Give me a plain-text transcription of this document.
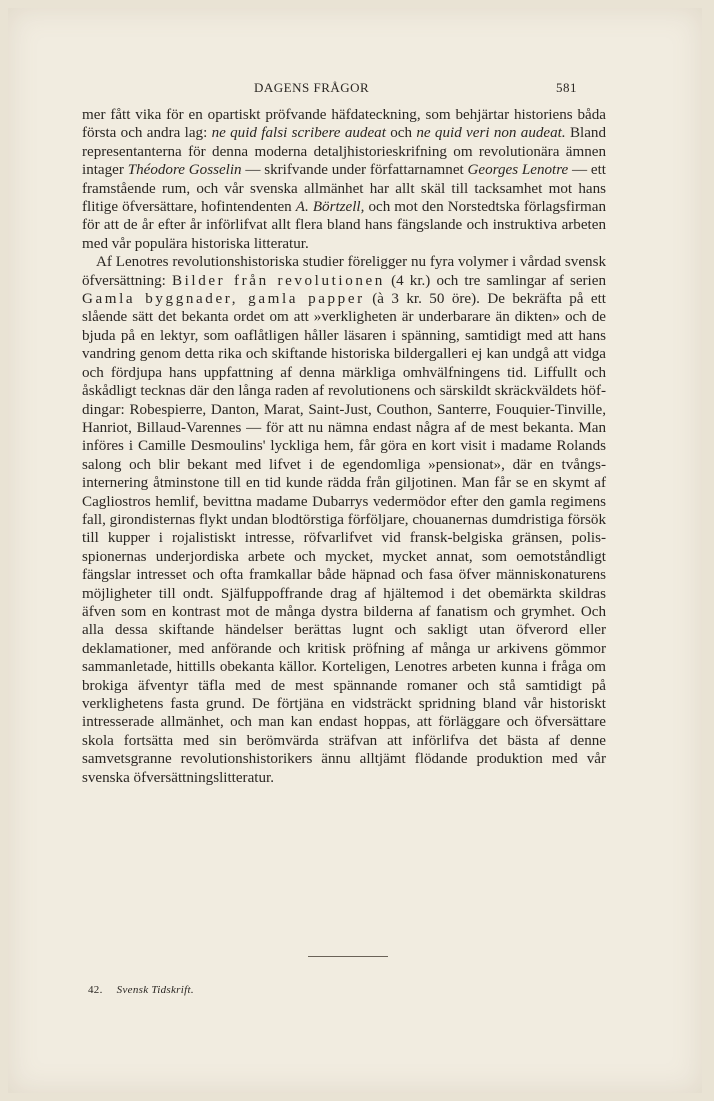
DAGENS FRÅGOR	581

mer fått vika för en opartiskt pröfvande häfdateckning, som behjärtar historiens båda första och andra lag: ne quid falsi scribere audeat och ne quid veri non audeat. Bland representanterna för denna moderna detaljhistorieskrifning om revolutionära ämnen intager Théodore Gosselin — skrifvande under författarnamnet Georges Lenotre — ett framstående rum, och vår svenska allmänhet har allt skäl till tacksamhet mot hans flitige öfversättare, hofintendenten A. Börtzell, och mot den Norstedtska förlagsfirman för att de år efter år införlifvat allt flera bland hans fängslande och instruktiva arbeten med vår populära historiska litteratur.

Af Lenotres revolutionshistoriska studier föreligger nu fyra volymer i vårdad svensk öfversättning: Bilder från revolutionen (4 kr.) och tre samlingar af serien Gamla byggnader, gamla papper (à 3 kr. 50 öre). De bekräfta på ett slående sätt det bekanta ordet om att »verkligheten är underbarare än dikten» och de bjuda på en lektyr, som oaflåtligen håller läsaren i spänning, samtidigt med att hans vandring genom detta rika och skiftande historiska bildergalleri ej kan undgå att vidga och fördjupa hans uppfattning af denna märkliga omhvälfningens tid. Liffullt och åskådligt tecknas där den långa raden af revolutionens och särskildt skräckväldets höfdingar: Robespierre, Danton, Marat, Saint-Just, Couthon, Santerre, Fouquier-Tinville, Hanriot, Billaud-Varennes — för att nu nämna endast några af de mest bekanta. Man införes i Camille Desmoulins' lyckliga hem, får göra en kort visit i madame Rolands salong och blir bekant med lifvet i de egendomliga »pensionat», där en tvångsinternering åtminstone till en tid kunde rädda från giljotinen. Man får se en skymt af Cagliostros hemlif, bevittna madame Dubarrys vedermödor efter den gamla regimens fall, girondisternas flykt undan blodtörstiga förföljare, chouanernas dumdristiga försök till kupper i rojalistiskt intresse, röfvarlifvet vid fransk-belgiska gränsen, polisspionernas underjordiska arbete och mycket, mycket annat, som oemotståndligt fängslar intresset och ofta framkallar både häpnad och fasa öfver människonaturens möjligheter till ondt. Själfuppoffrande drag af hjältemod i det obemärkta skildras äfven som en kontrast mot de många dystra bilderna af fanatism och grymhet. Och alla dessa skiftande händelser berättas lugnt och sakligt utan öfverord eller deklamationer, med anförande och kritisk pröfning af många ur arkivens gömmor sammanletade, hittills obekanta källor. Korteligen, Lenotres arbeten kunna i fråga om brokiga äfventyr täfla med de mest spännande romaner och stå samtidigt på verklighetens fasta grund. De förtjäna en vidsträckt spridning bland vår historiskt intresserade allmänhet, och man kan endast hoppas, att förläggare och öfversättare skola fortsätta med sin berömvärda sträfvan att införlifva det bästa af denne samvetsgranne revolutionshistorikers ännu alltjämt flödande produktion med vår svenska öfversättningslitteratur.

42. Svensk Tidskrift.
